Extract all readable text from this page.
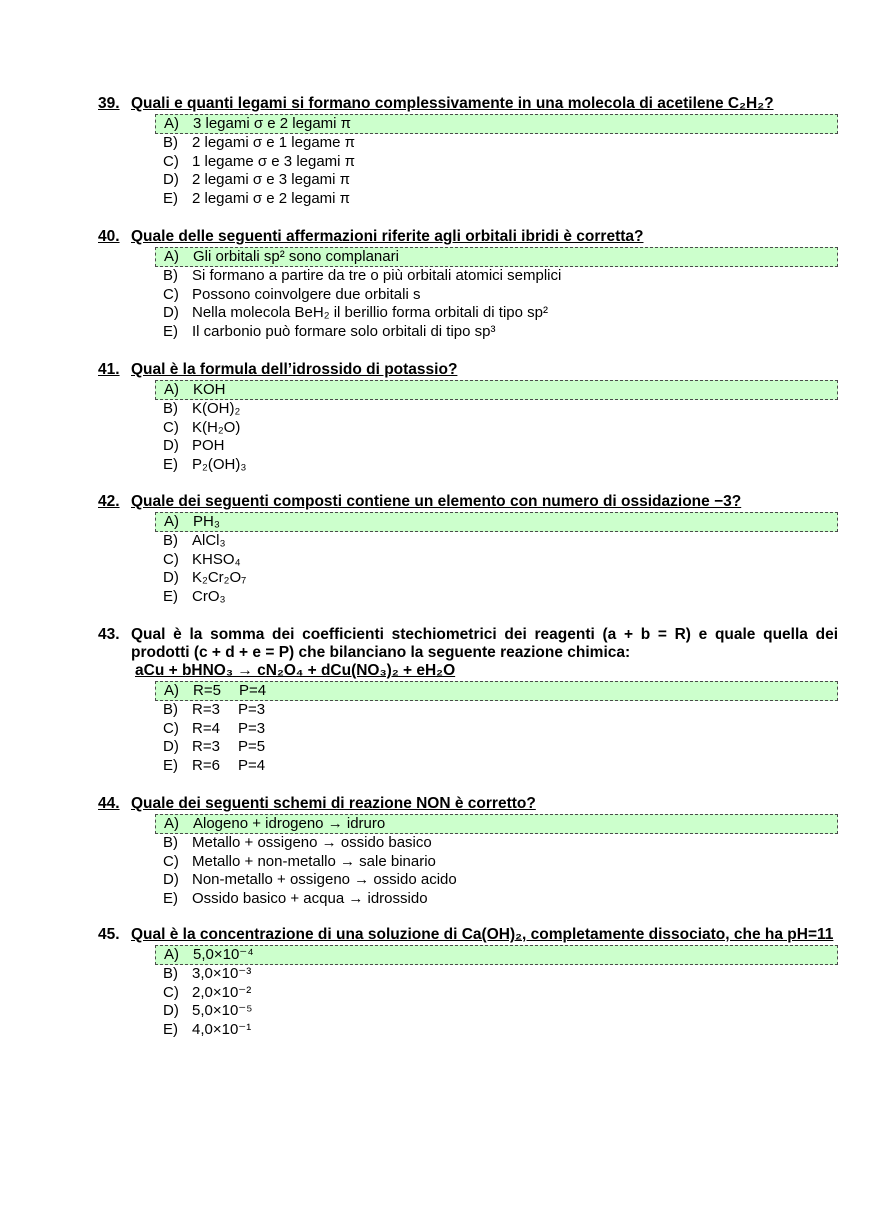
39. Quali e quanti legami si formano complessivamente in una molecola di acetilene C₂H₂?
A) 3 legami σ e 2 legami π
B) 2 legami σ e 1 legame π
C) 1 legame σ e 3 legami π
D) 2 legami σ e 3 legami π
E) 2 legami σ e 2 legami π
40. Quale delle seguenti affermazioni riferite agli orbitali ibridi è corretta?
A) Gli orbitali sp² sono complanari
B) Si formano a partire da tre o più orbitali atomici semplici
C) Possono coinvolgere due orbitali s
D) Nella molecola BeH₂ il berillio forma orbitali di tipo sp²
E) Il carbonio può formare solo orbitali di tipo sp³
41. Qual è la formula dell’idrossido di potassio?
A) KOH
B) K(OH)₂
C) K(H₂O)
D) POH
E) P₂(OH)₃
42. Quale dei seguenti composti contiene un elemento con numero di ossidazione −3?
A) PH₃
B) AlCl₃
C) KHSO₄
D) K₂Cr₂O₇
E) CrO₃
43. Qual è la somma dei coefficienti stechiometrici dei reagenti (a + b = R) e quale quella dei prodotti (c + d + e = P) che bilanciano la seguente reazione chimica:
aCu + bHNO₃ → cN₂O₄ + dCu(NO₃)₂ + eH₂O
A) R=5 P=4
B) R=3 P=3
C) R=4 P=3
D) R=3 P=5
E) R=6 P=4
44. Quale dei seguenti schemi di reazione NON è corretto?
A) Alogeno + idrogeno → idruro
B) Metallo + ossigeno → ossido basico
C) Metallo + non-metallo → sale binario
D) Non-metallo + ossigeno → ossido acido
E) Ossido basico + acqua → idrossido
45. Qual è la concentrazione di una soluzione di Ca(OH)₂, completamente dissociato, che ha pH=11
A) 5,0×10⁻⁴
B) 3,0×10⁻³
C) 2,0×10⁻²
D) 5,0×10⁻⁵
E) 4,0×10⁻¹
